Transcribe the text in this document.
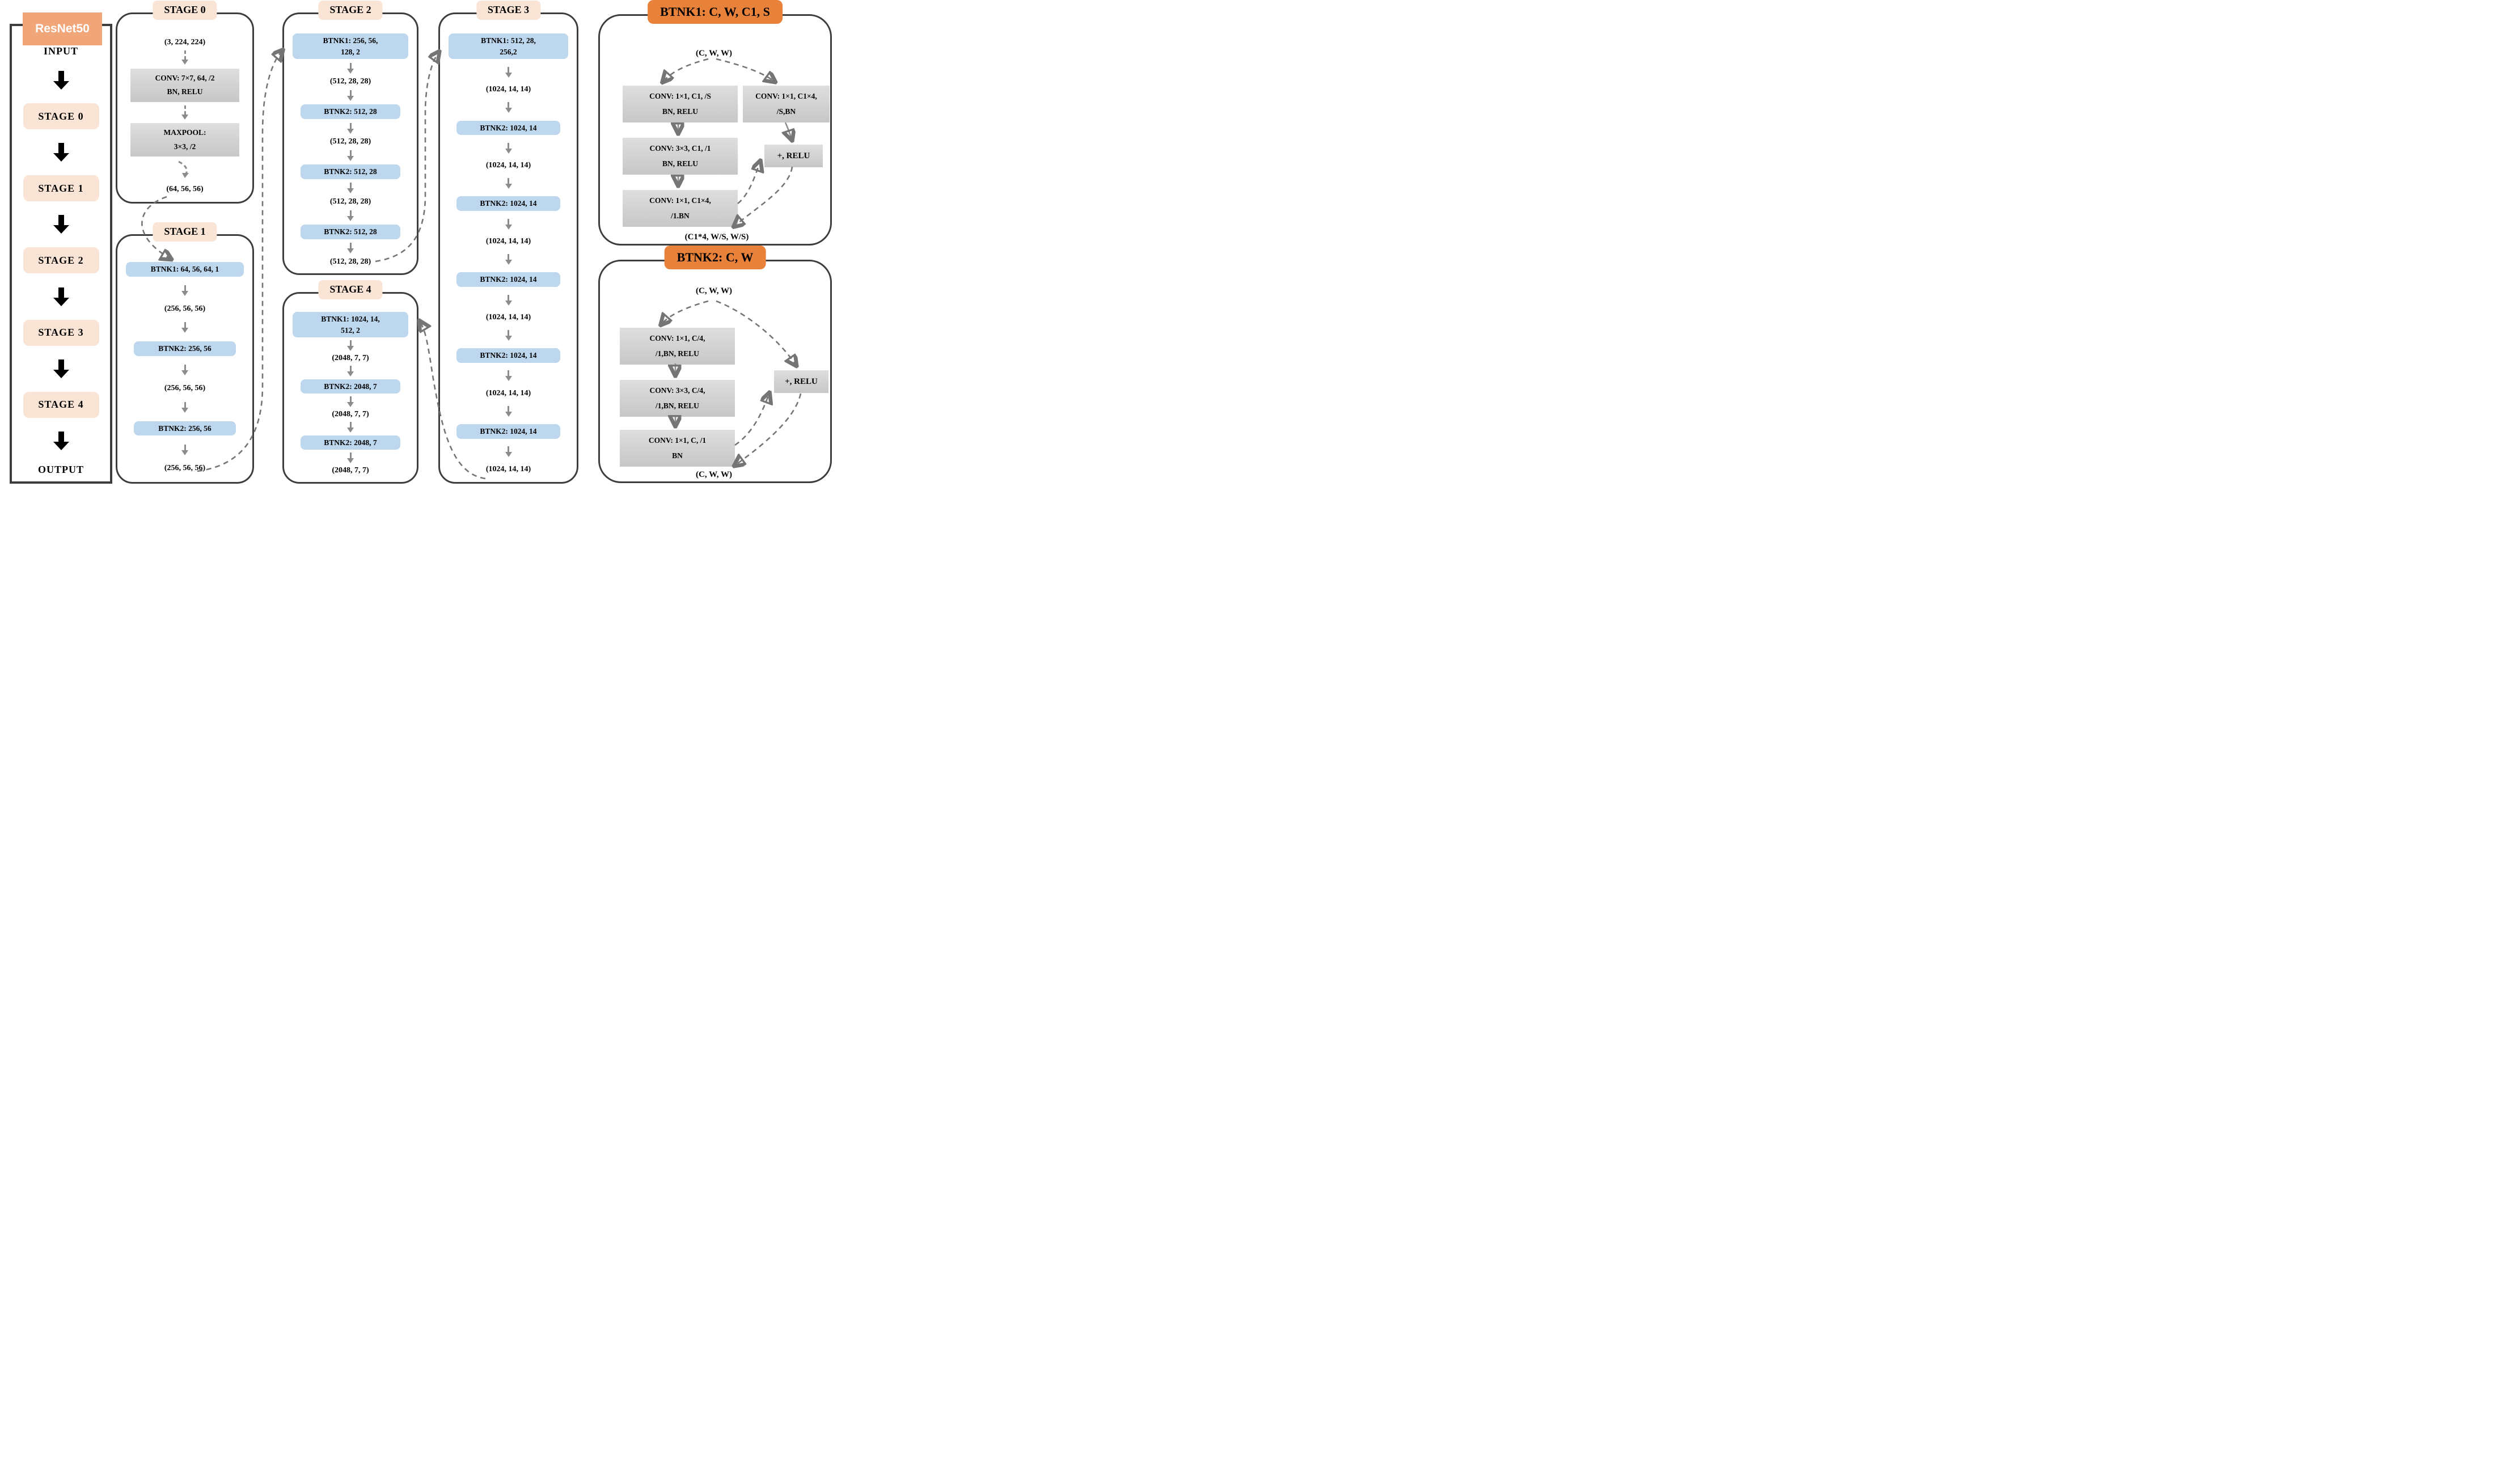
ResNet50
INPUT
STAGE 0
STAGE 1
STAGE 2
STAGE 3
STAGE 4
OUTPUT
STAGE 0
(3, 224, 224)
CONV: 7×7, 64, /2
BN, RELU
MAXPOOL:
3×3, /2
(64, 56, 56)
STAGE 1
BTNK1: 64, 56, 64, 1
(256, 56, 56)
BTNK2: 256, 56
(256, 56, 56)
BTNK2: 256, 56
(256, 56, 56)
STAGE 2
BTNK1: 256, 56,
128, 2
(512, 28, 28)
BTNK2: 512, 28
(512, 28, 28)
BTNK2: 512, 28
(512, 28, 28)
BTNK2: 512, 28
(512, 28, 28)
STAGE 4
BTNK1: 1024, 14,
512, 2
(2048, 7, 7)
BTNK2: 2048, 7
(2048, 7, 7)
BTNK2: 2048, 7
(2048, 7, 7)
STAGE 3
BTNK1: 512, 28,
256,2
(1024, 14, 14)
BTNK2: 1024, 14
(1024, 14, 14)
BTNK2: 1024, 14
(1024, 14, 14)
BTNK2: 1024, 14
(1024, 14, 14)
BTNK2: 1024, 14
(1024, 14, 14)
BTNK2: 1024, 14
(1024, 14, 14)
BTNK1: C, W, C1, S
(C, W, W)
CONV: 1×1, C1, /S
BN, RELU
CONV: 3×3, C1, /1
BN, RELU
CONV: 1×1, C1×4,
/1.BN
CONV: 1×1, C1×4,
/S,BN
+, RELU
(C1*4, W/S, W/S)
BTNK2: C, W
(C, W, W)
CONV: 1×1, C/4,
/1,BN, RELU
CONV: 3×3, C/4,
/1,BN, RELU
CONV: 1×1, C, /1
BN
+, RELU
(C, W, W)
